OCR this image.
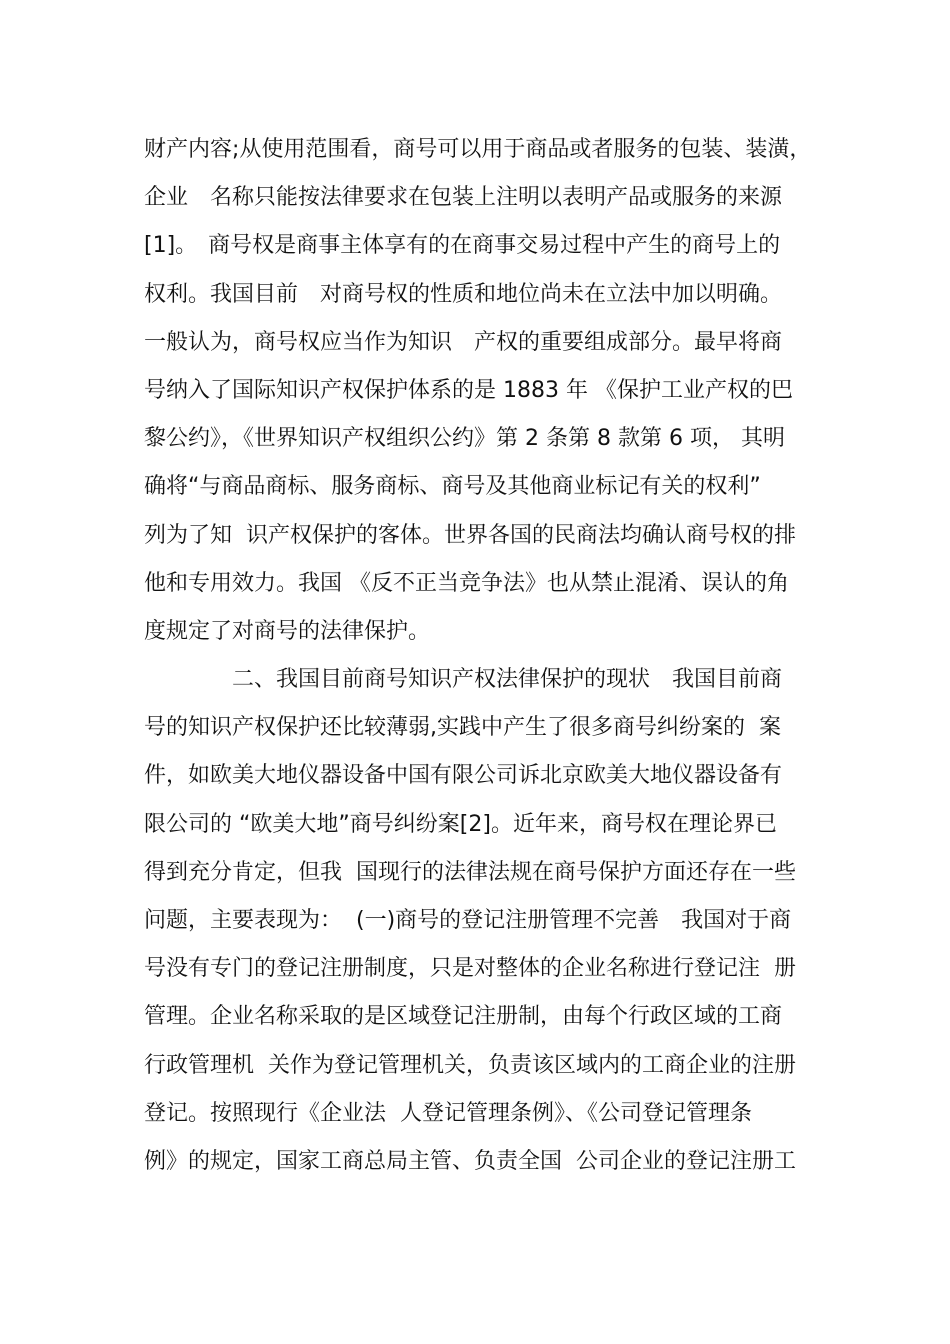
财产内容;从使用范围看，商号可以用于商品或者服务的包装、装潢，
企业　名称只能按法律要求在包装上注明以表明产品或服务的来源
[1]。　商号权是商事主体享有的在商事交易过程中产生的商号上的
权利。我国目前　对商号权的性质和地位尚未在立法中加以明确。
一般认为，商号权应当作为知识　产权的重要组成部分。最早将商
号纳入了国际知识产权保护体系的是 1883 年 《保护工业产权的巴
黎公约》，《世界知识产权组织公约》第 2 条第 8 款第 6 项， 其明
确将“与商品商标、服务商标、商号及其他商业标记有关的权利”
列为了知  识产权保护的客体。世界各国的民商法均确认商号权的排
他和专用效力。我国 《反不正当竞争法》也从禁止混淆、误认的角
度规定了对商号的法律保护。
　　　　二、我国目前商号知识产权法律保护的现状　我国目前商
号的知识产权保护还比较薄弱,实践中产生了很多商号纠纷案的  案
件，如欧美大地仪器设备中国有限公司诉北京欧美大地仪器设备有
限公司的 “欧美大地”商号纠纷案[2]。近年来，商号权在理论界已
得到充分肯定，但我  国现行的法律法规在商号保护方面还存在一些
问题，主要表现为：  (一)商号的登记注册管理不完善　我国对于商
号没有专门的登记注册制度，只是对整体的企业名称进行登记注  册
管理。企业名称采取的是区域登记注册制，由每个行政区域的工商
行政管理机  关作为登记管理机关，负责该区域内的工商企业的注册
登记。按照现行《企业法  人登记管理条例》、《公司登记管理条
例》的规定，国家工商总局主管、负责全国  公司企业的登记注册工
